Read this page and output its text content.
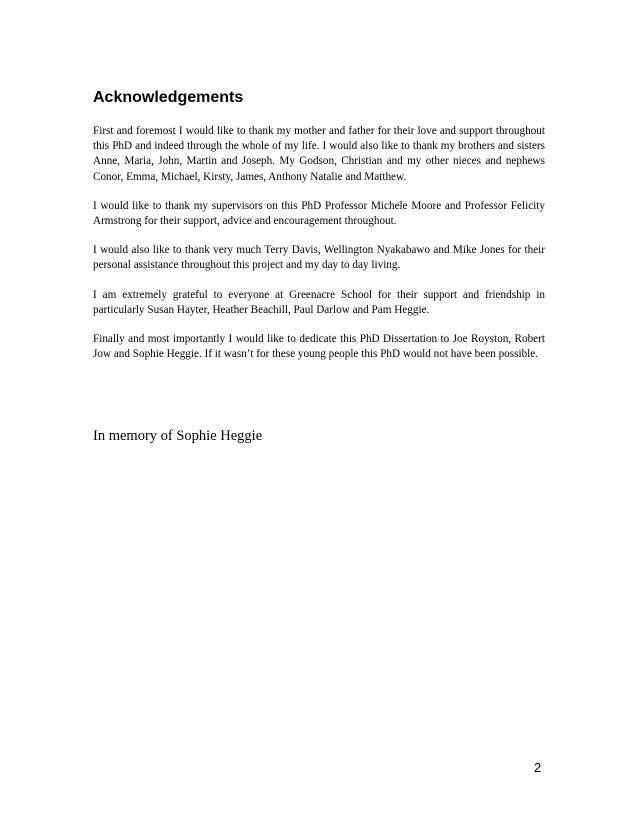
Acknowledgements

First and foremost I would like to thank my mother and father for their love and support throughout this PhD and indeed through the whole of my life. I would also like to thank my brothers and sisters Anne, Maria, John, Martin and Joseph. My Godson, Christian and my other nieces and nephews Conor, Emma, Michael, Kirsty, James, Anthony Natalie and Matthew.

I would like to thank my supervisors on this PhD Professor Michele Moore and Professor Felicity Armstrong for their support, advice and encouragement throughout.

I would also like to thank very much Terry Davis, Wellington Nyakabawo and Mike Jones for their personal assistance throughout this project and my day to day living.

I am extremely grateful to everyone at Greenacre School for their support and friendship in particularly Susan Hayter, Heather Beachill, Paul Darlow and Pam Heggie.

Finally and most importantly I would like to dedicate this PhD Dissertation to Joe Royston, Robert Jow and Sophie Heggie. If it wasn’t for these young people this PhD would not have been possible.

In memory of Sophie Heggie

2
